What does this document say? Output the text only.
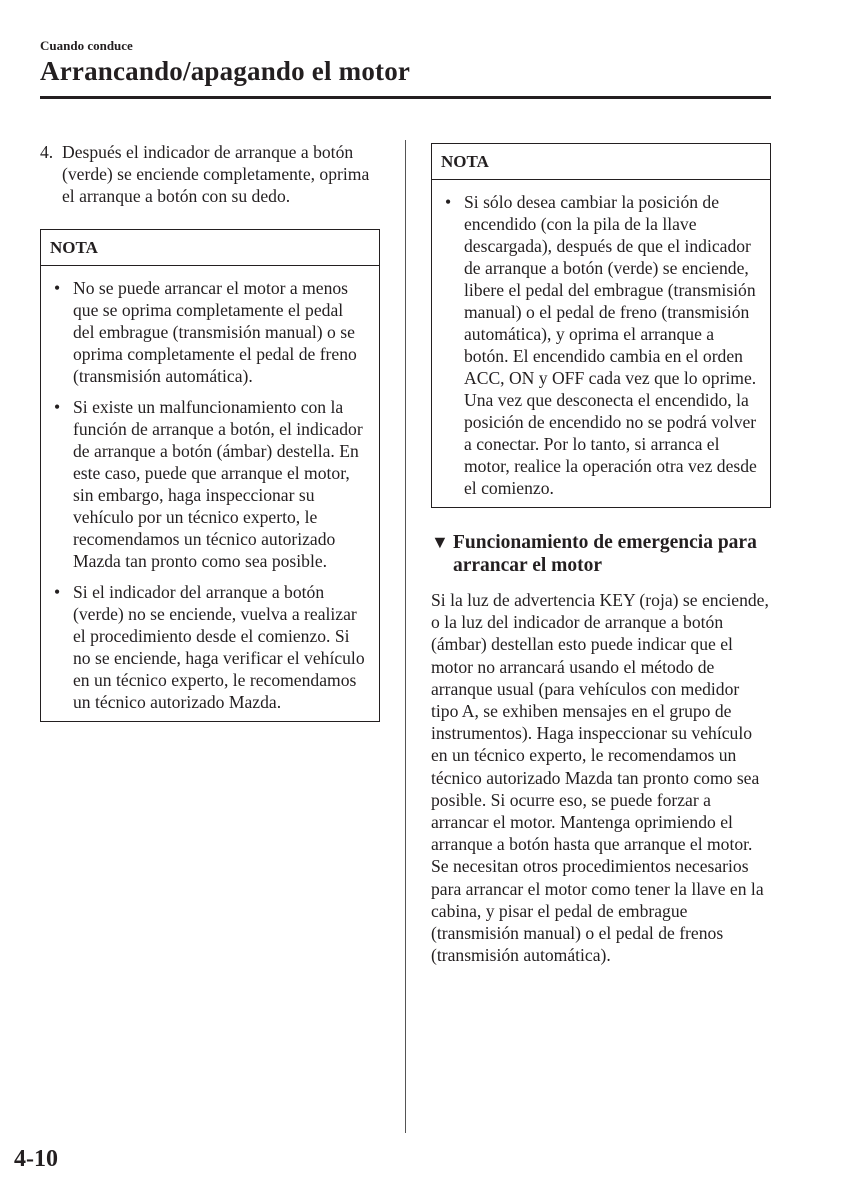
Cuando conduce
Arrancando/apagando el motor
4. Después el indicador de arranque a botón (verde) se enciende completamente, oprima el arranque a botón con su dedo.
NOTA
• No se puede arrancar el motor a menos que se oprima completamente el pedal del embrague (transmisión manual) o se oprima completamente el pedal de freno (transmisión automática).
• Si existe un malfuncionamiento con la función de arranque a botón, el indicador de arranque a botón (ámbar) destella. En este caso, puede que arranque el motor, sin embargo, haga inspeccionar su vehículo por un técnico experto, le recomendamos un técnico autorizado Mazda tan pronto como sea posible.
• Si el indicador del arranque a botón (verde) no se enciende, vuelva a realizar el procedimiento desde el comienzo. Si no se enciende, haga verificar el vehículo en un técnico experto, le recomendamos un técnico autorizado Mazda.
NOTA
• Si sólo desea cambiar la posición de encendido (con la pila de la llave descargada), después de que el indicador de arranque a botón (verde) se enciende, libere el pedal del embrague (transmisión manual) o el pedal de freno (transmisión automática), y oprima el arranque a botón. El encendido cambia en el orden ACC, ON y OFF cada vez que lo oprime. Una vez que desconecta el encendido, la posición de encendido no se podrá volver a conectar. Por lo tanto, si arranca el motor, realice la operación otra vez desde el comienzo.
▼ Funcionamiento de emergencia para arrancar el motor
Si la luz de advertencia KEY (roja) se enciende, o la luz del indicador de arranque a botón (ámbar) destellan esto puede indicar que el motor no arrancará usando el método de arranque usual (para vehículos con medidor tipo A, se exhiben mensajes en el grupo de instrumentos). Haga inspeccionar su vehículo en un técnico experto, le recomendamos un técnico autorizado Mazda tan pronto como sea posible. Si ocurre eso, se puede forzar a arrancar el motor. Mantenga oprimiendo el arranque a botón hasta que arranque el motor. Se necesitan otros procedimientos necesarios para arrancar el motor como tener la llave en la cabina, y pisar el pedal de embrague (transmisión manual) o el pedal de frenos (transmisión automática).
4-10
